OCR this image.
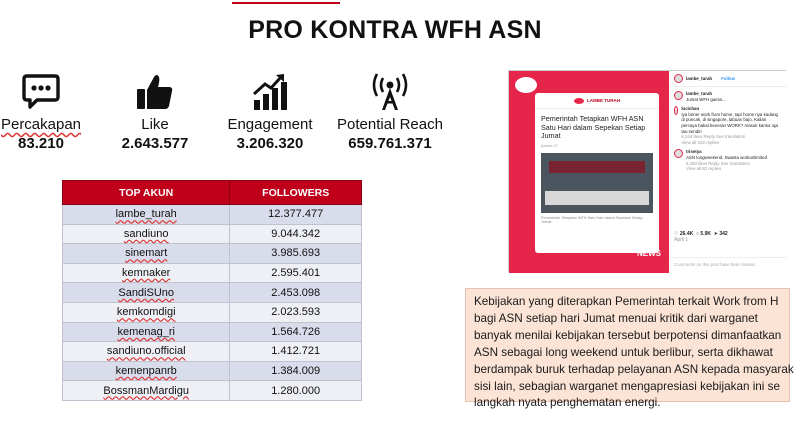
PRO KONTRA WFH ASN
Percakapan
83.210
Like
2.643.577
Engagement
3.206.320
Potential Reach
659.761.371
TOP AKUN	FOLLOWERS
lambe_turah	12.377.477
sandiuno	9.044.342
sinemart	3.985.693
kemnaker	2.595.401
SandiSUno	2.453.098
kemkomdigi	2.023.593
kemenag_ri	1.564.726
sandiuno.official	1.412.721
kemenpanrb	1.384.009
BossmanMardigu	1.280.000
LAMBE TURAH
Pemerintah Tetapkan WFH ASN Satu Hari dalam Sepekan Setiap Jumat
Admin LT
Pemerintah Tetapkan WFH Satu Hari dalam Sepekan Setiap Jumat
HOT NEWS
lambe_turah Follow
lambe_turah
Jumat WFH gaess...
lucichan
Iya bener work from home, tapi home nya kadang di puncak, di singapore, labuan bajo. Kalian percaya bakal beneran WORK? masuk kantor aja tau sendiri
6,244 likes Reply See translation
View all 102 replies
trisetya
ASN longweekend. Swasta workunlimited
3,493 likes Reply See translation
View all 82 replies
♡ 26.4K ○ 5.9K ➤ 342
April 1
Comments on this post have been limited.
Kebijakan yang diterapkan Pemerintah terkait Work from H
bagi ASN setiap hari Jumat menuai kritik dari warganet
banyak menilai kebijakan tersebut berpotensi dimanfaatkan
ASN sebagai long weekend untuk berlibur, serta dikhawat
berdampak buruk terhadap pelayanan ASN kepada masyarak
sisi lain, sebagian warganet mengapresiasi kebijakan ini se
langkah nyata penghematan energi.
